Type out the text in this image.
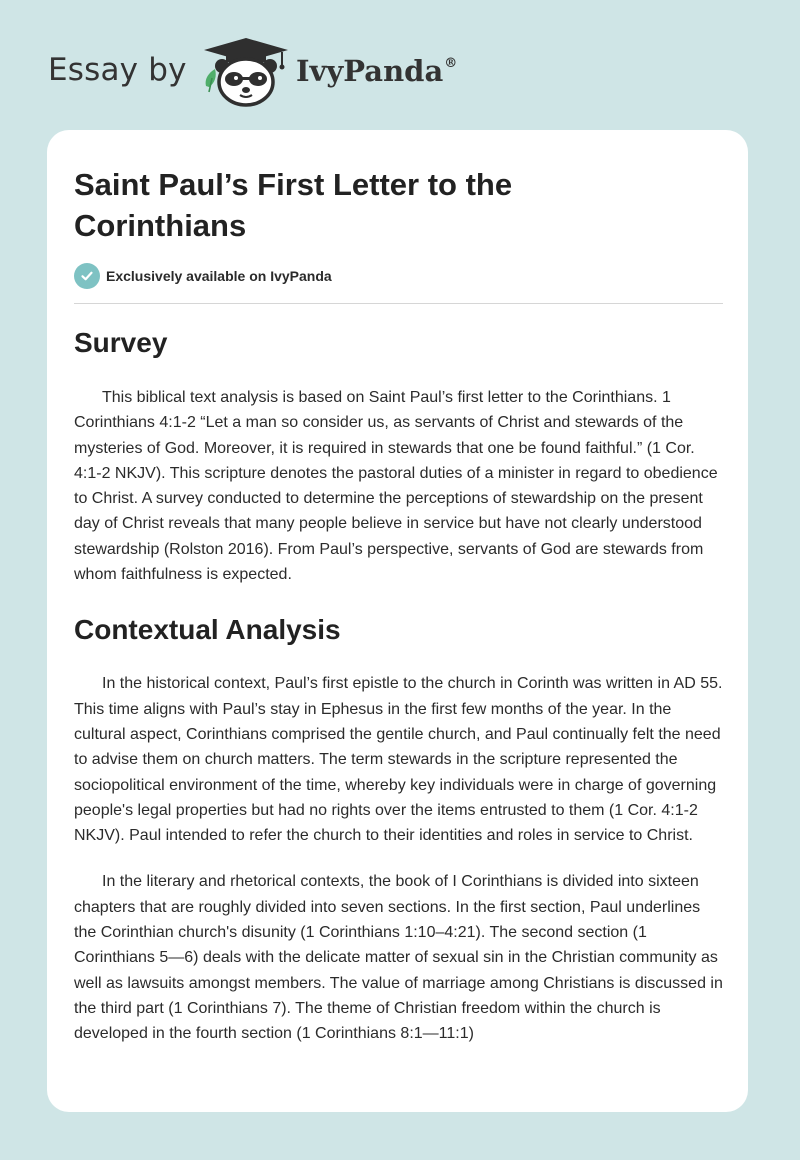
Essay by	IvyPanda®
Saint Paul’s First Letter to the Corinthians
Exclusively available on IvyPanda
Survey

This biblical text analysis is based on Saint Paul’s first letter to the Corinthians. 1 Corinthians 4:1-2 “Let a man so consider us, as servants of Christ and stewards of the mysteries of God. Moreover, it is required in stewards that one be found faithful.” (1 Cor. 4:1-2 NKJV). This scripture denotes the pastoral duties of a minister in regard to obedience to Christ. A survey conducted to determine the perceptions of stewardship on the present day of Christ reveals that many people believe in service but have not clearly understood stewardship (Rolston 2016). From Paul’s perspective, servants of God are stewards from whom faithfulness is expected.

Contextual Analysis

In the historical context, Paul’s first epistle to the church in Corinth was written in AD 55. This time aligns with Paul’s stay in Ephesus in the first few months of the year. In the cultural aspect, Corinthians comprised the gentile church, and Paul continually felt the need to advise them on church matters. The term stewards in the scripture represented the sociopolitical environment of the time, whereby key individuals were in charge of governing people's legal properties but had no rights over the items entrusted to them (1 Cor. 4:1-2 NKJV). Paul intended to refer the church to their identities and roles in service to Christ.

In the literary and rhetorical contexts, the book of I Corinthians is divided into sixteen chapters that are roughly divided into seven sections. In the first section, Paul underlines the Corinthian church's disunity (1 Corinthians 1:10–4:21). The second section (1 Corinthians 5—6) deals with the delicate matter of sexual sin in the Christian community as well as lawsuits amongst members. The value of marriage among Christians is discussed in the third part (1 Corinthians 7). The theme of Christian freedom within the church is developed in the fourth section (1 Corinthians 8:1—11:1)
